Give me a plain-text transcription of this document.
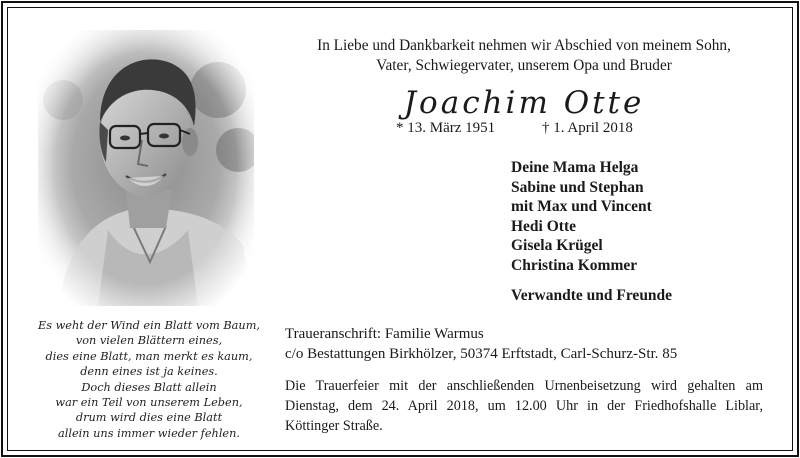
Es weht der Wind ein Blatt vom Baum,
von vielen Blättern eines,
dies eine Blatt, man merkt es kaum,
denn eines ist ja keines.
Doch dieses Blatt allein
war ein Teil von unserem Leben,
drum wird dies eine Blatt
allein uns immer wieder fehlen.
In Liebe und Dankbarkeit nehmen wir Abschied von meinem Sohn,
Vater, Schwiegervater, unserem Opa und Bruder
Joachim Otte
* 13. März 1951	† 1. April 2018
Deine Mama Helga
Sabine und Stephan
mit Max und Vincent
Hedi Otte
Gisela Krügel
Christina Kommer
Verwandte und Freunde
Traueranschrift: Familie Warmus
c/o Bestattungen Birkhölzer, 50374 Erftstadt, Carl-Schurz-Str. 85
Die Trauerfeier mit der anschließenden Urnenbeisetzung wird gehalten am
Dienstag, dem 24. April 2018, um 12.00 Uhr in der Friedhofshalle Liblar,
Köttinger Straße.
